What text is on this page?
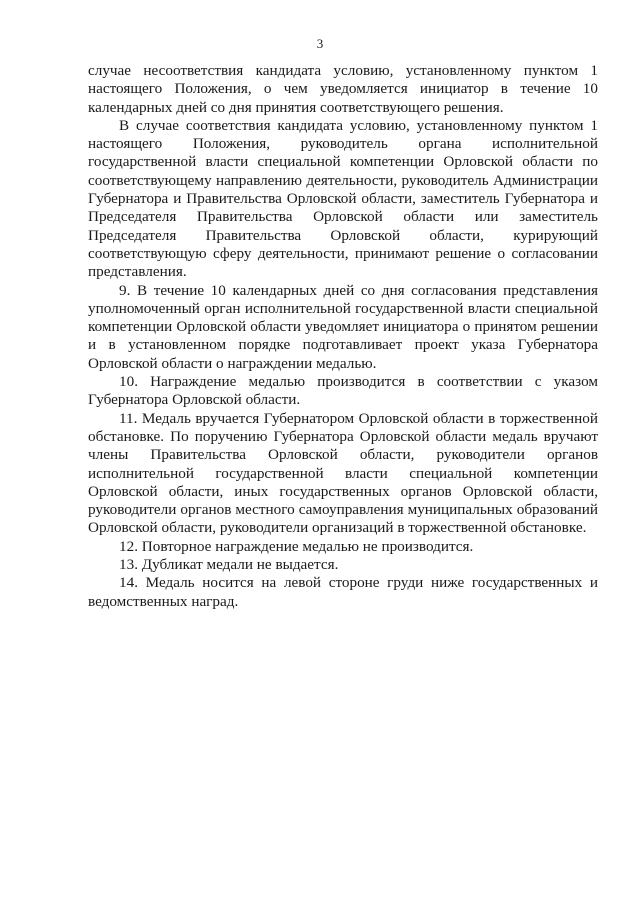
3

случае несоответствия кандидата условию, установленному пунктом 1 настоящего Положения, о чем уведомляется инициатор в течение 10 календарных дней со дня принятия соответствующего решения.

В случае соответствия кандидата условию, установленному пунктом 1 настоящего Положения, руководитель органа исполнительной государственной власти специальной компетенции Орловской области по соответствующему направлению деятельности, руководитель Администрации Губернатора и Правительства Орловской области, заместитель Губернатора и Председателя Правительства Орловской области или заместитель Председателя Правительства Орловской области, курирующий соответствующую сферу деятельности, принимают решение о согласовании представления.

9. В течение 10 календарных дней со дня согласования представления уполномоченный орган исполнительной государственной власти специальной компетенции Орловской области уведомляет инициатора о принятом решении и в установленном порядке подготавливает проект указа Губернатора Орловской области о награждении медалью.

10. Награждение медалью производится в соответствии с указом Губернатора Орловской области.

11. Медаль вручается Губернатором Орловской области в торжественной обстановке. По поручению Губернатора Орловской области медаль вручают члены Правительства Орловской области, руководители органов исполнительной государственной власти специальной компетенции Орловской области, иных государственных органов Орловской области, руководители органов местного самоуправления муниципальных образований Орловской области, руководители организаций в торжественной обстановке.

12. Повторное награждение медалью не производится.

13. Дубликат медали не выдается.

14. Медаль носится на левой стороне груди ниже государственных и ведомственных наград.
